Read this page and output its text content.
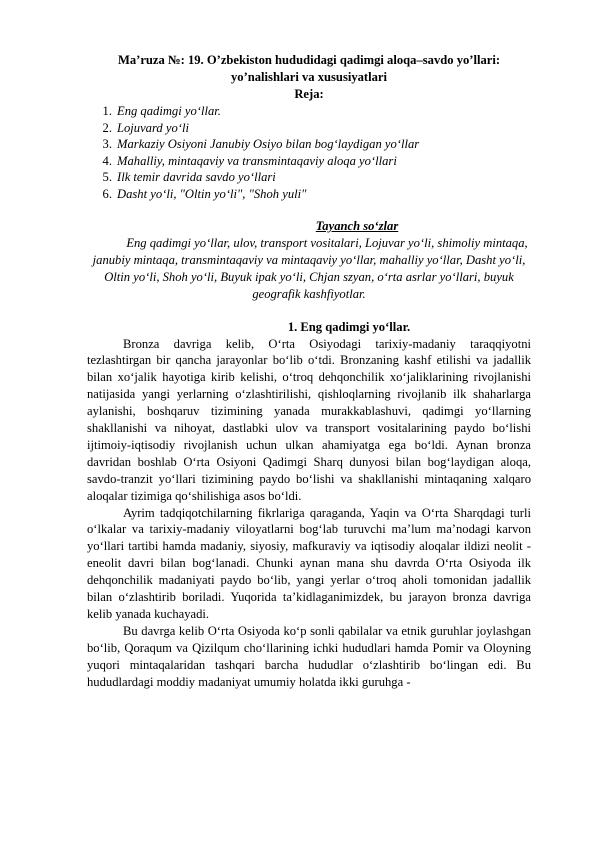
Ma’ruza №: 19. O’zbekiston hududidagi qadimgi aloqa–savdo yo’llari: yo’nalishlari va xususiyatlari
Reja:
1. Eng qadimgi yo‘llar.
2. Lojuvard yo‘li
3. Markaziy Osiyoni Janubiy Osiyo bilan bog‘laydigan yo‘llar
4. Mahalliy, mintaqaviy va transmintaqaviy aloqa yo‘llari
5. Ilk temir davrida savdo yo‘llari
6. Dasht yo‘li, "Oltin yo‘li", "Shoh yuli"
Tayanch so‘zlar
Eng qadimgi yo‘llar, ulov, transport vositalari, Lojuvar yo‘li, shimoliy mintaqa, janubiy mintaqa, transmintaqaviy va mintaqaviy yo‘llar, mahalliy yo‘llar, Dasht yo‘li, Oltin yo‘li, Shoh yo‘li, Buyuk ipak yo‘li, Chjan szyan, o‘rta asrlar yo‘llari, buyuk geografik kashfiyotlar.
1. Eng qadimgi yo‘llar.

Bronza davriga kelib, O‘rta Osiyodagi tarixiy-madaniy taraqqiyotni tezlashtirgan bir qancha jarayonlar bo‘lib o‘tdi. Bronzaning kashf etilishi va jadallik bilan xo‘jalik hayotiga kirib kelishi, o‘troq dehqonchilik xo‘jaliklarining rivojlanishi natijasida yangi yerlarning o‘zlashtirilishi, qishloqlarning rivojlanib ilk shaharlarga aylanishi, boshqaruv tizimining yanada murakkablashuvi, qadimgi yo‘llarning shakllanishi va nihoyat, dastlabki ulov va transport vositalarining paydo bo‘lishi ijtimoiy-iqtisodiy rivojlanish uchun ulkan ahamiyatga ega bo‘ldi. Aynan bronza davridan boshlab O‘rta Osiyoni Qadimgi Sharq dunyosi bilan bog‘laydigan aloqa, savdo-tranzit yo‘llari tizimining paydo bo‘lishi va shakllanishi mintaqaning xalqaro aloqalar tizimiga qo‘shilishiga asos bo‘ldi.

Ayrim tadqiqotchilarning fikrlariga qaraganda, Yaqin va O‘rta Sharqdagi turli o‘lkalar va tarixiy-madaniy viloyatlarni bog‘lab turuvchi ma’lum ma’nodagi karvon yo‘llari tartibi hamda madaniy, siyosiy, mafkuraviy va iqtisodiy aloqalar ildizi neolit - eneolit davri bilan bog‘lanadi. Chunki aynan mana shu davrda O‘rta Osiyoda ilk dehqonchilik madaniyati paydo bo‘lib, yangi yerlar o‘troq aholi tomonidan jadallik bilan o‘zlashtirib boriladi. Yuqorida ta’kidlaganimizdek, bu jarayon bronza davriga kelib yanada kuchayadi.

Bu davrga kelib O‘rta Osiyoda ko‘p sonli qabilalar va etnik guruhlar joylashgan bo‘lib, Qoraqum va Qizilqum cho‘llarining ichki hududlari hamda Pomir va Oloyning yuqori mintaqalaridan tashqari barcha hududlar o‘zlashtirib bo‘lingan edi. Bu hududlardagi moddiy madaniyat umumiy holatda ikki guruhga -
